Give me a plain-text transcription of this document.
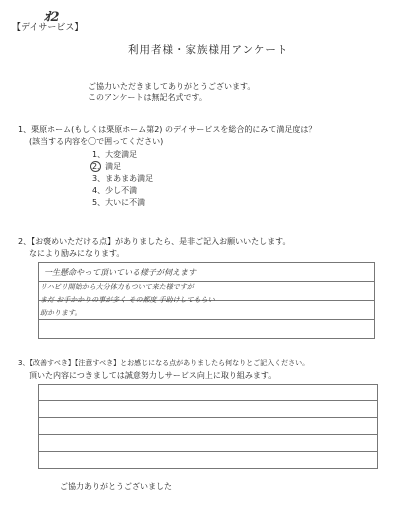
ｵ2
【デイサービス】
利用者様・家族様用アンケート
ご協力いただきましてありがとうございます。
このアンケートは無記名式です。
1、栗原ホーム(もしくは栗原ホーム第2) のデイサービスを総合的にみて満足度は？
(該当する内容を〇で囲ってください)
1、大変満足
2、満足
3、まあまあ満足
4、少し不満
5、大いに不満
2、【お褒めいただける点】がありましたら、是非ご記入お願いいたします。
なにより励みになります。
一生懸命やって頂いている様子が伺えます
リハビリ開始から大分体力もついて来た様ですが
まだ お手かかりの事が多く その都度 手助けしてもらい
助かります。
3、【改善すべき】【注意すべき】とお感じになる点がありましたら何なりとご記入ください。
頂いた内容につきましては誠意努力しサービス向上に取り組みます。
ご協力ありがとうございました
